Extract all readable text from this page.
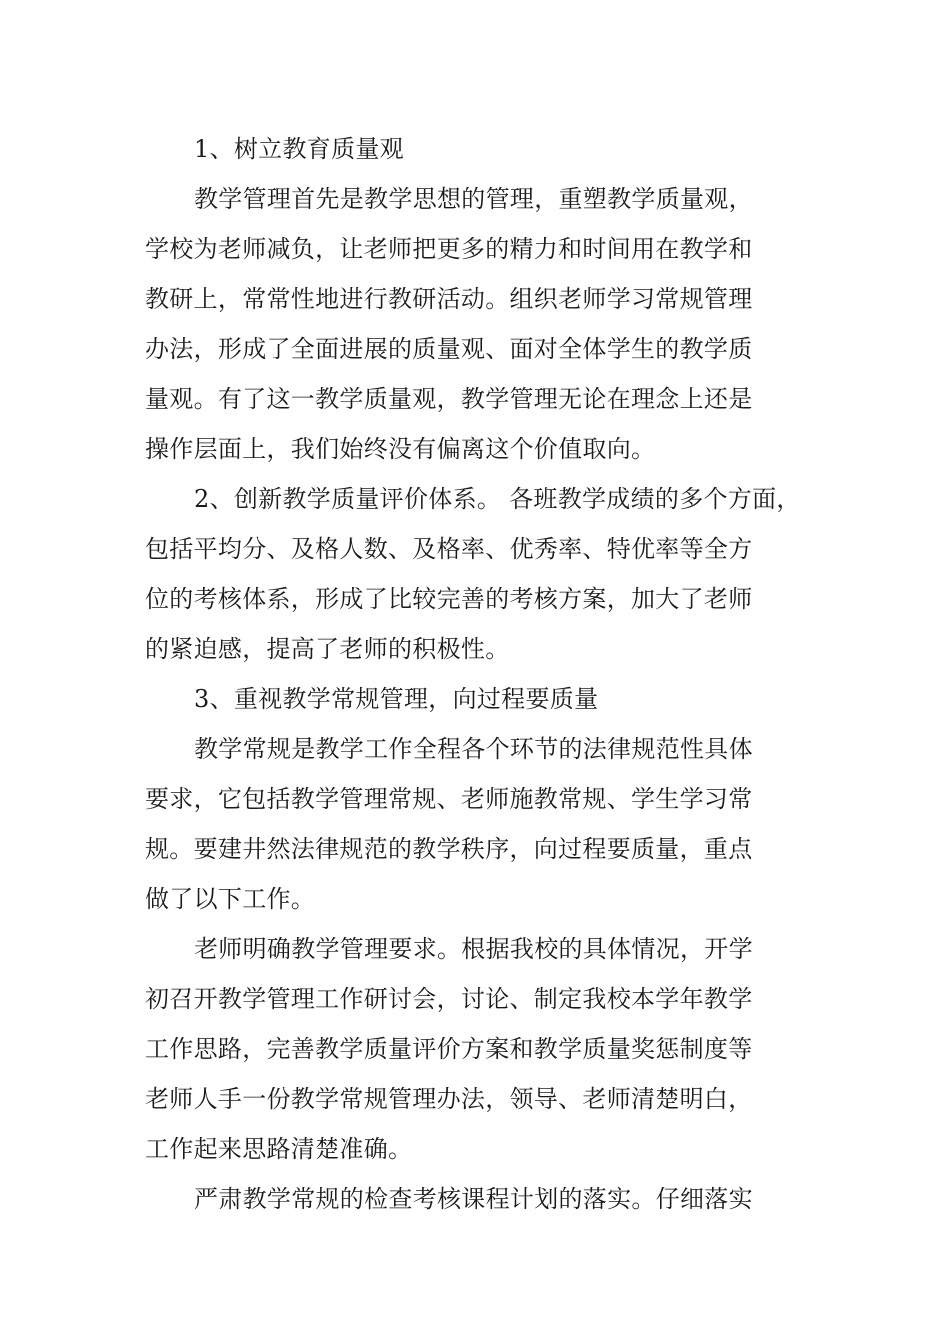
1、树立教育质量观
教学管理首先是教学思想的管理，重塑教学质量观，
学校为老师减负，让老师把更多的精力和时间用在教学和
教研上，常常性地进行教研活动。组织老师学习常规管理
办法，形成了全面进展的质量观、面对全体学生的教学质
量观。有了这一教学质量观，教学管理无论在理念上还是
操作层面上，我们始终没有偏离这个价值取向。
2、创新教学质量评价体系。 各班教学成绩的多个方面，
包括平均分、及格人数、及格率、优秀率、特优率等全方
位的考核体系，形成了比较完善的考核方案，加大了老师
的紧迫感，提高了老师的积极性。
3、重视教学常规管理，向过程要质量
教学常规是教学工作全程各个环节的法律规范性具体
要求，它包括教学管理常规、老师施教常规、学生学习常
规。要建井然法律规范的教学秩序，向过程要质量，重点
做了以下工作。
老师明确教学管理要求。根据我校的具体情况，开学
初召开教学管理工作研讨会，讨论、制定我校本学年教学
工作思路，完善教学质量评价方案和教学质量奖惩制度等
老师人手一份教学常规管理办法，领导、老师清楚明白，
工作起来思路清楚准确。
严肃教学常规的检查考核课程计划的落实。仔细落实
